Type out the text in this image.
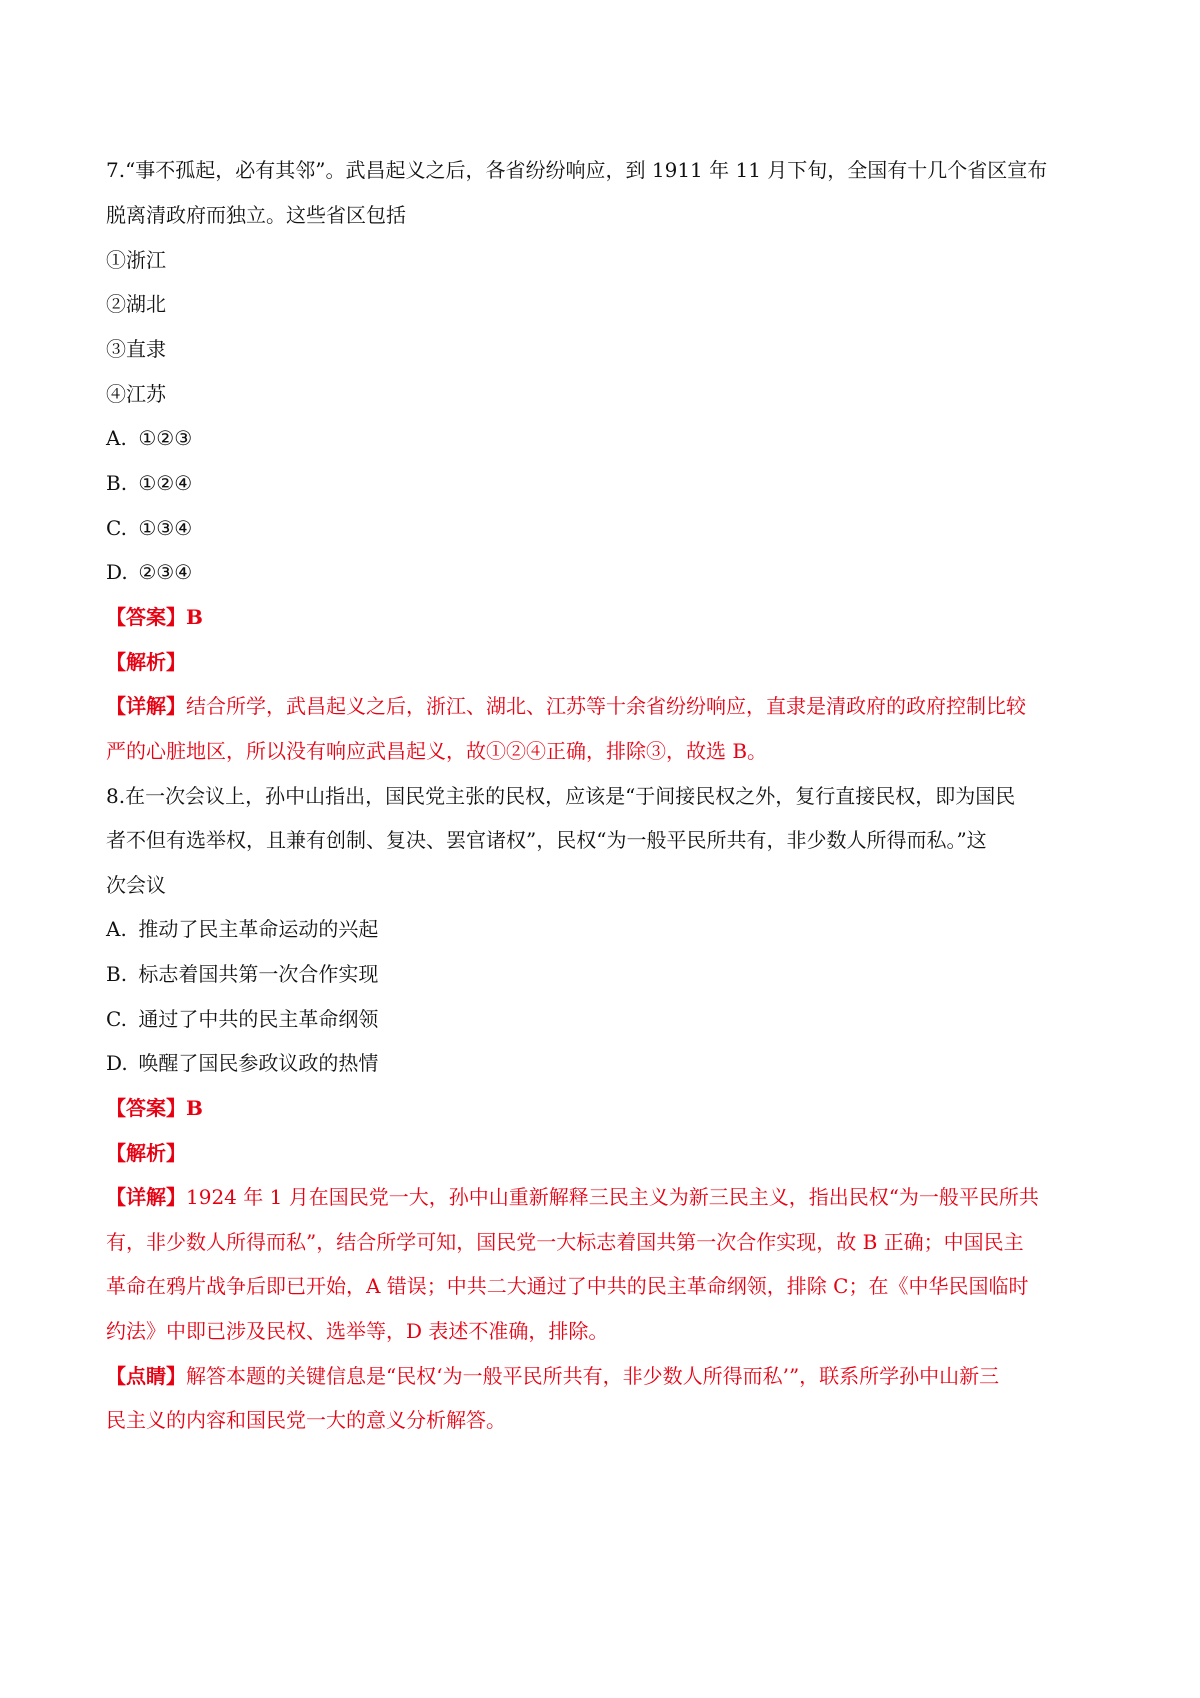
7.“事不孤起，必有其邻”。武昌起义之后，各省纷纷响应，到 1911 年 11 月下旬，全国有十几个省区宣布
脱离清政府而独立。这些省区包括
①浙江
②湖北
③直隶
④江苏
A. ①②③
B. ①②④
C. ①③④
D. ②③④
【答案】B
【解析】
【详解】结合所学，武昌起义之后，浙江、湖北、江苏等十余省纷纷响应，直隶是清政府的政府控制比较
严的心脏地区，所以没有响应武昌起义，故①②④正确，排除③，故选 B。
8.在一次会议上，孙中山指出，国民党主张的民权，应该是“于间接民权之外，复行直接民权，即为国民
者不但有选举权，且兼有创制、复决、罢官诸权”，民权“为一般平民所共有，非少数人所得而私。”这
次会议
A. 推动了民主革命运动的兴起
B. 标志着国共第一次合作实现
C. 通过了中共的民主革命纲领
D. 唤醒了国民参政议政的热情
【答案】B
【解析】
【详解】1924 年 1 月在国民党一大，孙中山重新解释三民主义为新三民主义，指出民权“为一般平民所共
有，非少数人所得而私”，结合所学可知，国民党一大标志着国共第一次合作实现，故 B 正确；中国民主
革命在鸦片战争后即已开始，A 错误；中共二大通过了中共的民主革命纲领，排除 C；在《中华民国临时
约法》中即已涉及民权、选举等，D 表述不准确，排除。
【点睛】解答本题的关键信息是“民权‘为一般平民所共有，非少数人所得而私’”，联系所学孙中山新三
民主义的内容和国民党一大的意义分析解答。
